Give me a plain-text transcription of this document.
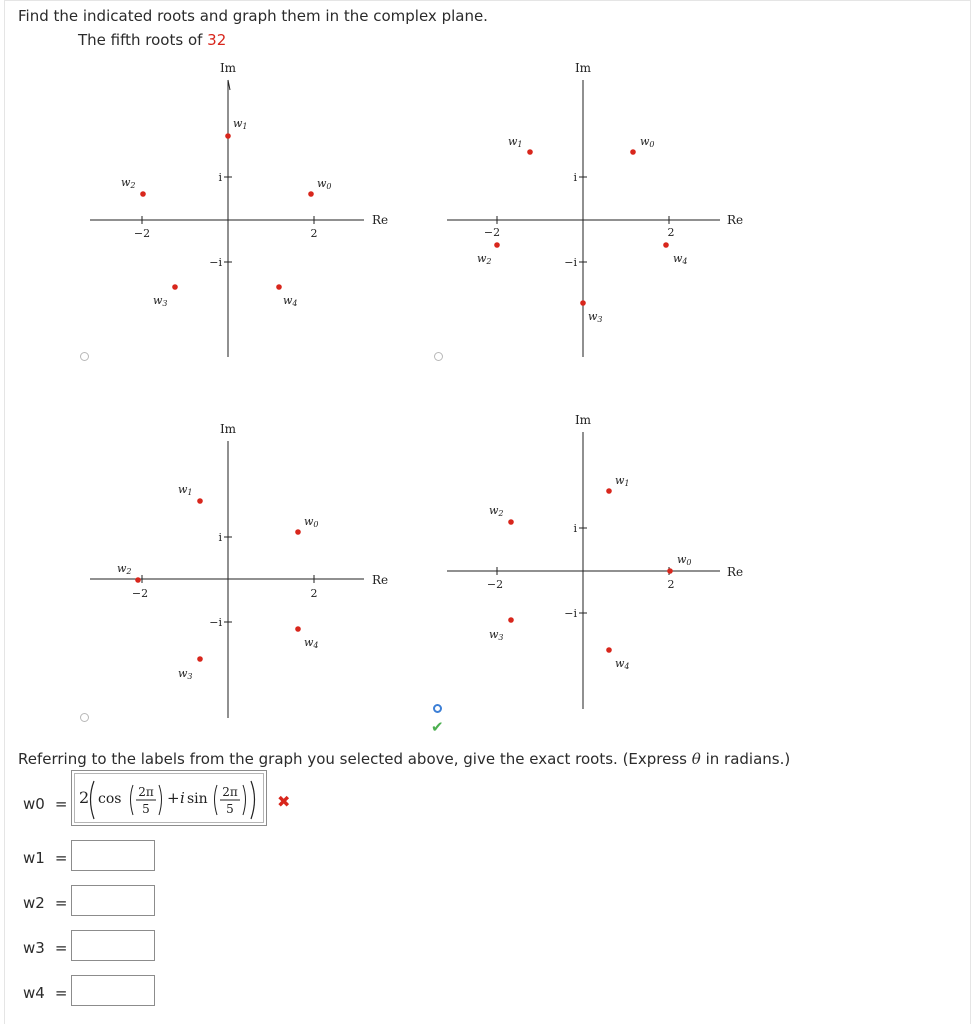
Find the indicated roots and graph them in the complex plane.
The fifth roots of 32
Im
Re
−2	2
i
−i
w0
w1
w2
w3	w4
Im
Re
−2	2
i
−i
w0
w1
w2
w3
w4
Im
Re
−2	2
i
−i
w0
w1
w2
w3
w4
Im
Re
−2	2
i
−i
w0
w1
w2
w3
w4
✔
Referring to the labels from the graph you selected above, give the exact roots. (Express θ in radians.)
w0 = 2 cos 2π
5
+ i sin 2π
5	✖
w1 =
w2 =
w3 =
w4 =
